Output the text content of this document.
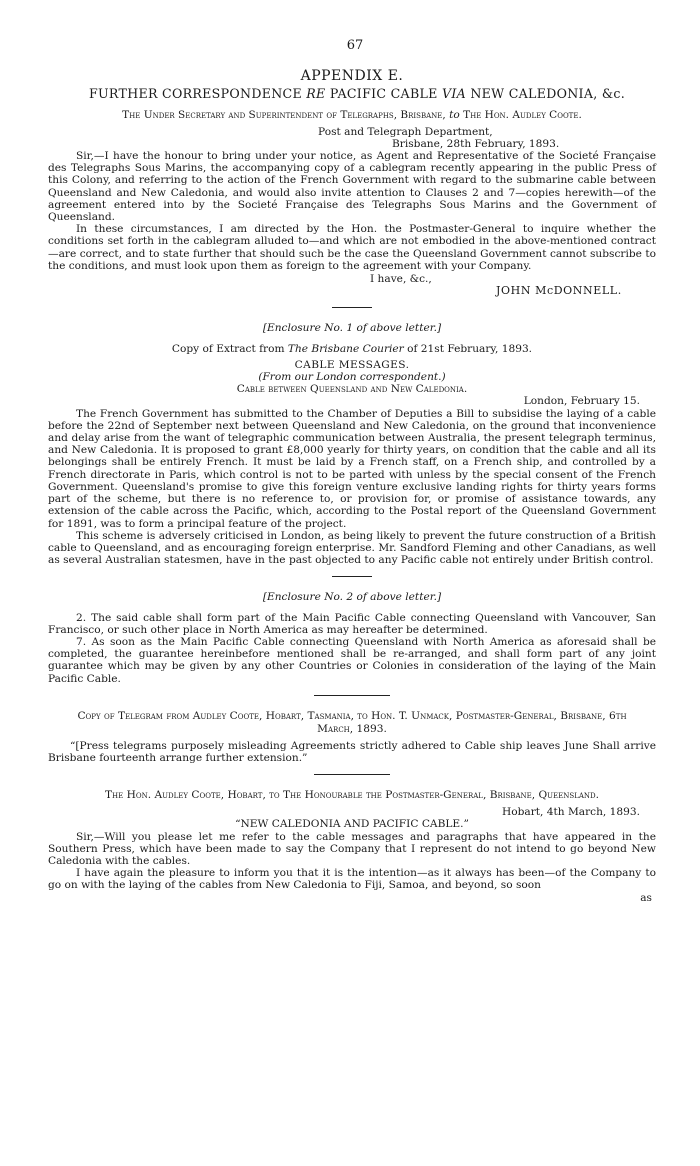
67
APPENDIX E.
FURTHER CORRESPONDENCE RE PACIFIC CABLE VIA NEW CALEDONIA, &c.
The Under Secretary and Superintendent of Telegraphs, Brisbane, to The Hon. Audley Coote.
Post and Telegraph Department,
Brisbane, 28th February, 1893.

Sir,—I have the honour to bring under your notice, as Agent and Representative of the Societé Française des Telegraphs Sous Marins, the accompanying copy of a cablegram recently appearing in the public Press of this Colony, and referring to the action of the French Government with regard to the submarine cable between Queensland and New Caledonia, and would also invite attention to Clauses 2 and 7—copies herewith—of the agreement entered into by the Societé Française des Telegraphs Sous Marins and the Government of Queensland.

In these circumstances, I am directed by the Hon. the Postmaster-General to inquire whether the conditions set forth in the cablegram alluded to—and which are not embodied in the above-mentioned contract—are correct, and to state further that should such be the case the Queensland Government cannot subscribe to the conditions, and must look upon them as foreign to the agreement with your Company.

I have, &c.,
JOHN McDONNELL.
[Enclosure No. 1 of above letter.]
Copy of Extract from The Brisbane Courier of 21st February, 1893.
CABLE MESSAGES.
(From our London correspondent.)
Cable between Queensland and New Caledonia.
London, February 15.

The French Government has submitted to the Chamber of Deputies a Bill to subsidise the laying of a cable before the 22nd of September next between Queensland and New Caledonia, on the ground that inconvenience and delay arise from the want of telegraphic communication between Australia, the present telegraph terminus, and New Caledonia. It is proposed to grant £8,000 yearly for thirty years, on condition that the cable and all its belongings shall be entirely French. It must be laid by a French staff, on a French ship, and controlled by a French directorate in Paris, which control is not to be parted with unless by the special consent of the French Government. Queensland's promise to give this foreign venture exclusive landing rights for thirty years forms part of the scheme, but there is no reference to, or provision for, or promise of assistance towards, any extension of the cable across the Pacific, which, according to the Postal report of the Queensland Government for 1891, was to form a principal feature of the project.

This scheme is adversely criticised in London, as being likely to prevent the future construction of a British cable to Queensland, and as encouraging foreign enterprise. Mr. Sandford Fleming and other Canadians, as well as several Australian statesmen, have in the past objected to any Pacific cable not entirely under British control.

[Enclosure No. 2 of above letter.]

2. The said cable shall form part of the Main Pacific Cable connecting Queensland with Vancouver, San Francisco, or such other place in North America as may hereafter be determined.

7. As soon as the Main Pacific Cable connecting Queensland with North America as aforesaid shall be completed, the guarantee hereinbefore mentioned shall be re-arranged, and shall form part of any joint guarantee which may be given by any other Countries or Colonies in consideration of the laying of the Main Pacific Cable.

Copy of Telegram from Audley Coote, Hobart, Tasmania, to Hon. T. Unmack, Postmaster-General, Brisbane, 6th March, 1893.

“[Press telegrams purposely misleading Agreements strictly adhered to Cable ship leaves June Shall arrive Brisbane fourteenth arrange further extension.”

The Hon. Audley Coote, Hobart, to The Honourable the Postmaster-General, Brisbane, Queensland.
Hobart, 4th March, 1893.
“NEW CALEDONIA AND PACIFIC CABLE.”

Sir,—Will you please let me refer to the cable messages and paragraphs that have appeared in the Southern Press, which have been made to say the Company that I represent do not intend to go beyond New Caledonia with the cables.

I have again the pleasure to inform you that it is the intention—as it always has been—of the Company to go on with the laying of the cables from New Caledonia to Fiji, Samoa, and beyond, so soon

as
